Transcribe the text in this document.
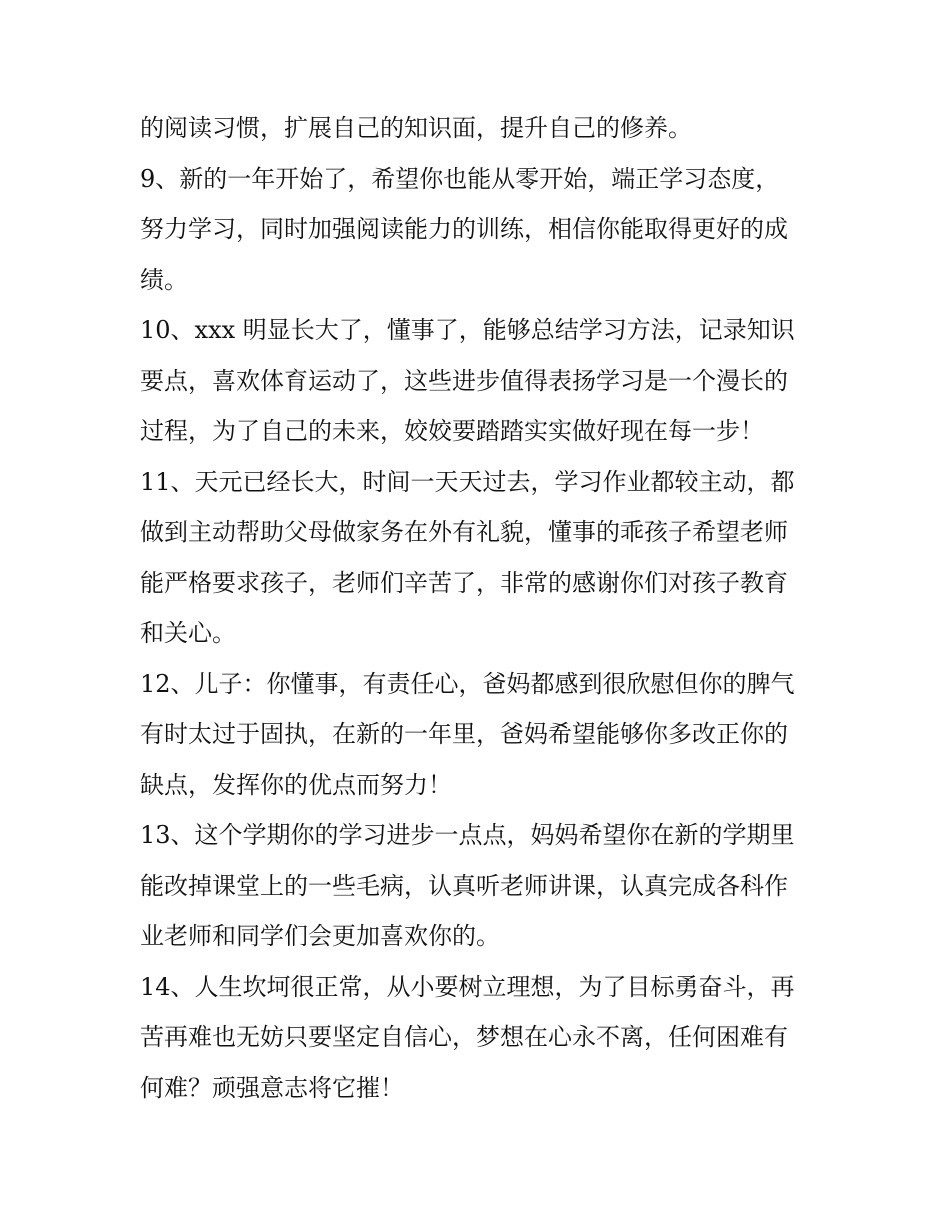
的阅读习惯，扩展自己的知识面，提升自己的修养。
9、新的一年开始了，希望你也能从零开始，端正学习态度，
努力学习，同时加强阅读能力的训练，相信你能取得更好的成
绩。
10、xxx 明显长大了，懂事了，能够总结学习方法，记录知识
要点，喜欢体育运动了，这些进步值得表扬学习是一个漫长的
过程，为了自己的未来，姣姣要踏踏实实做好现在每一步！
11、天元已经长大，时间一天天过去，学习作业都较主动，都
做到主动帮助父母做家务在外有礼貌，懂事的乖孩子希望老师
能严格要求孩子，老师们辛苦了，非常的感谢你们对孩子教育
和关心。
12、儿子：你懂事，有责任心，爸妈都感到很欣慰但你的脾气
有时太过于固执，在新的一年里，爸妈希望能够你多改正你的
缺点，发挥你的优点而努力！
13、这个学期你的学习进步一点点，妈妈希望你在新的学期里
能改掉课堂上的一些毛病，认真听老师讲课，认真完成各科作
业老师和同学们会更加喜欢你的。
14、人生坎坷很正常，从小要树立理想，为了目标勇奋斗，再
苦再难也无妨只要坚定自信心，梦想在心永不离，任何困难有
何难？顽强意志将它摧！
